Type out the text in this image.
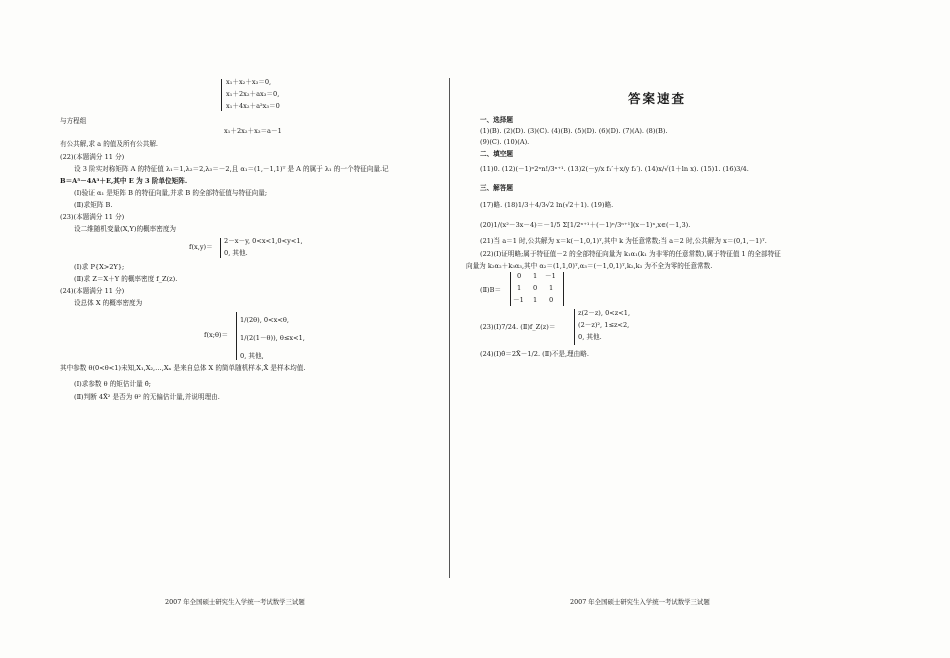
x₁＋x₂＋x₃＝0,
x₁＋2x₂＋ax₃＝0,
x₁＋4x₂＋a²x₃＝0
与方程组
x₁＋2x₂＋x₃＝a－1
有公共解,求 a 的值及所有公共解.
(22)(本题满分 11 分)
设 3 阶实对称矩阵 A 的特征值 λ₁＝1,λ₂＝2,λ₃＝－2,且 α₁＝(1,－1,1)ᵀ 是 A 的属于 λ₁ 的一个特征向量.记
B＝A⁵－4A³＋E,其中 E 为 3 阶单位矩阵.
(Ⅰ)验证 α₁ 是矩阵 B 的特征向量,并求 B 的全部特征值与特征向量;
(Ⅱ)求矩阵 B.
(23)(本题满分 11 分)
设二维随机变量(X,Y)的概率密度为
f(x,y)＝
2－x－y, 0<x<1,0<y<1,
0, 其他.
(Ⅰ)求 P{X>2Y};
(Ⅱ)求 Z＝X＋Y 的概率密度 f_Z(z).
(24)(本题满分 11 分)
设总体 X 的概率密度为
f(x;θ)＝
1/(2θ), 0<x<θ,
1/(2(1－θ)), θ≤x<1,
0, 其他,
其中参数 θ(0<θ<1)未知,X₁,X₂,…,Xₙ 是来自总体 X 的简单随机样本,X̄ 是样本均值.
(Ⅰ)求参数 θ 的矩估计量 θ̂;
(Ⅱ)判断 4X̄² 是否为 θ² 的无偏估计量,并说明理由.
2007 年全国硕士研究生入学统一考试数学三试题
答案速查
一、选择题
(1)(B). (2)(D). (3)(C). (4)(B). (5)(D). (6)(D). (7)(A). (8)(B).
(9)(C). (10)(A).
二、填空题
(11)0. (12)(－1)ⁿ2ⁿn!/3ⁿ⁺¹. (13)2(－y/x f₁′＋x/y f₂′). (14)x/√(1＋ln x). (15)1. (16)3/4.
三、解答题
(17)略. (18)1/3＋4/3√2 ln(√2＋1). (19)略.
(20)1/(x²－3x－4)＝－1/5 Σ[1/2ⁿ⁺¹＋(－1)ⁿ/3ⁿ⁺¹](x－1)ⁿ,x∈(－1,3).
(21)当 a＝1 时,公共解为 x＝k(－1,0,1)ᵀ,其中 k 为任意常数;当 a＝2 时,公共解为 x＝(0,1,－1)ᵀ.
(22)(Ⅰ)证明略;属于特征值－2 的全部特征向量为 k₁α₁(k₁ 为非零的任意常数),属于特征值 1 的全部特征
向量为 k₂α₂＋k₃α₃,其中 α₂＝(1,1,0)ᵀ,α₃＝(－1,0,1)ᵀ,k₂,k₃ 为不全为零的任意常数.
(Ⅱ)B＝
0 1 －1
1 0 1
－1 1 0
(23)(Ⅰ)7/24. (Ⅱ)f_Z(z)＝
z(2－z), 0<z<1,
(2－z)², 1≤z<2,
0, 其他.
(24)(Ⅰ)θ̂＝2X̄－1/2. (Ⅱ)不是,理由略.
2007 年全国硕士研究生入学统一考试数学三试题
